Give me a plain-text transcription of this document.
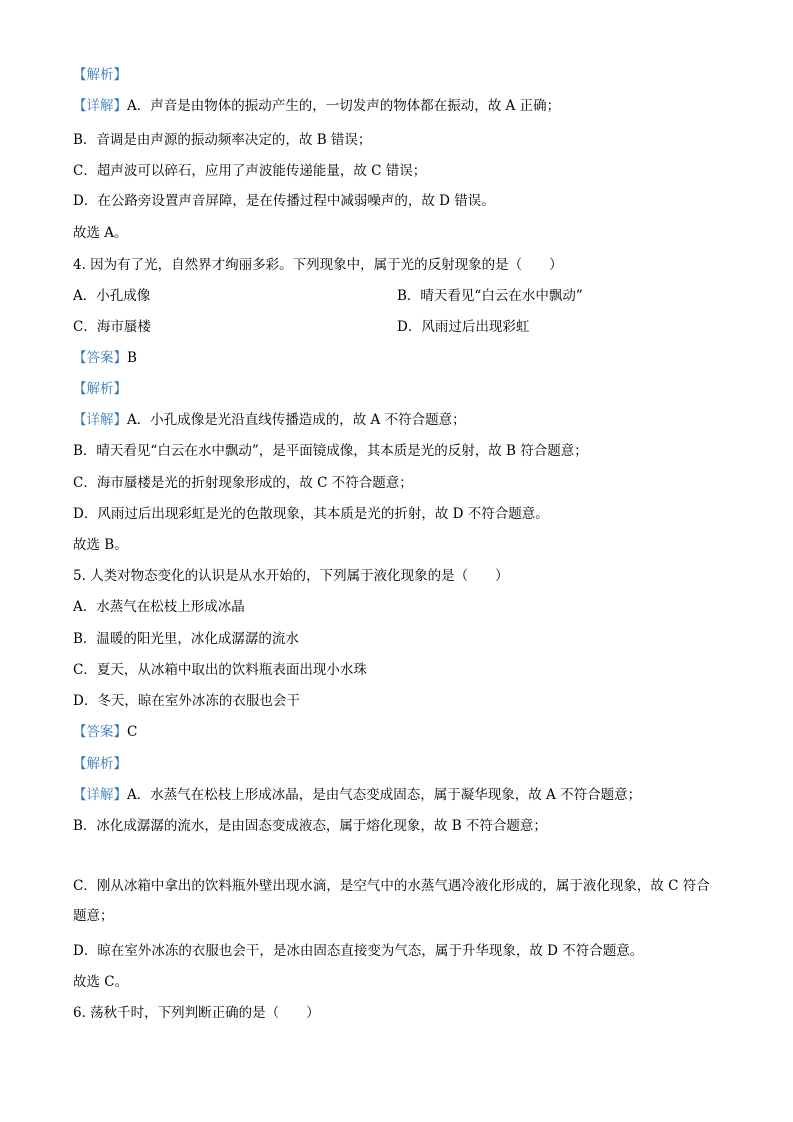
【解析】
【详解】A．声音是由物体的振动产生的，一切发声的物体都在振动，故 A 正确；
B．音调是由声源的振动频率决定的，故 B 错误；
C．超声波可以碎石，应用了声波能传递能量，故 C 错误；
D．在公路旁设置声音屏障，是在传播过程中减弱噪声的，故 D 错误。
故选 A。
4. 因为有了光，自然界才绚丽多彩。下列现象中，属于光的反射现象的是（　　）
A．小孔成像	B．晴天看见“白云在水中飘动”
C．海市蜃楼	D．风雨过后出现彩虹
【答案】B
【解析】
【详解】A．小孔成像是光沿直线传播造成的，故 A 不符合题意；
B．晴天看见“白云在水中飘动”，是平面镜成像，其本质是光的反射，故 B 符合题意；
C．海市蜃楼是光的折射现象形成的，故 C 不符合题意；
D．风雨过后出现彩虹是光的色散现象，其本质是光的折射，故 D 不符合题意。
故选 B。
5. 人类对物态变化的认识是从水开始的，下列属于液化现象的是（　　）
A．水蒸气在松枝上形成冰晶
B．温暖的阳光里，冰化成潺潺的流水
C．夏天，从冰箱中取出的饮料瓶表面出现小水珠
D．冬天，晾在室外冰冻的衣服也会干
【答案】C
【解析】
【详解】A．水蒸气在松枝上形成冰晶，是由气态变成固态，属于凝华现象，故 A 不符合题意；
B．冰化成潺潺的流水，是由固态变成液态，属于熔化现象，故 B 不符合题意；
C．刚从冰箱中拿出的饮料瓶外壁出现水滴，是空气中的水蒸气遇冷液化形成的，属于液化现象，故 C 符合题意；
D．晾在室外冰冻的衣服也会干，是冰由固态直接变为气态，属于升华现象，故 D 不符合题意。
故选 C。
6. 荡秋千时，下列判断正确的是（　　）
